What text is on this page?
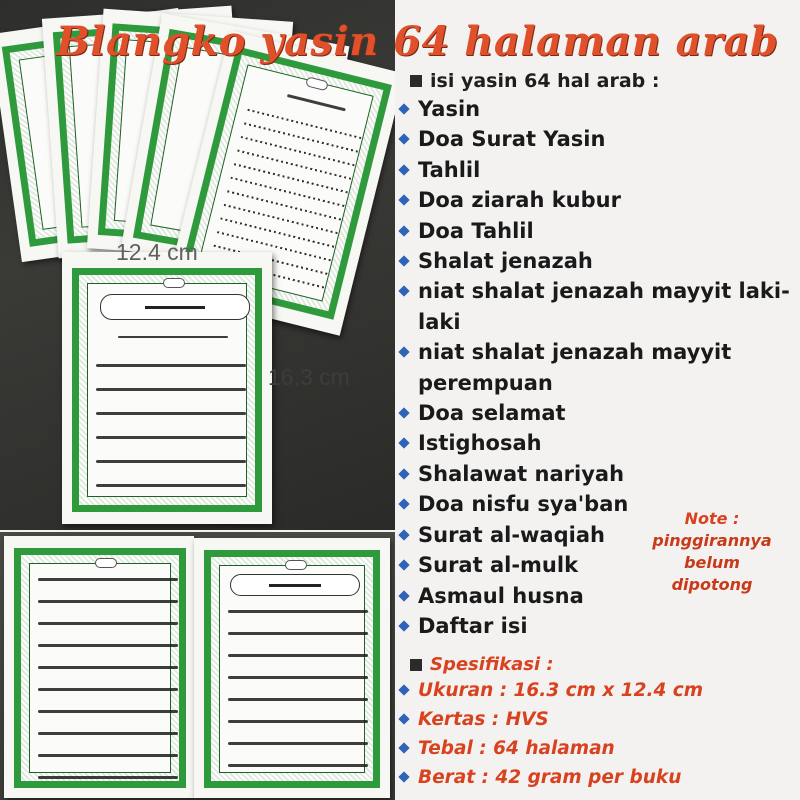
12.4 cm
16.3 cm
Blangko yasin 64 halaman arab
isi yasin 64 hal arab :
Yasin
Doa Surat Yasin
Tahlil
Doa ziarah kubur
Doa Tahlil
Shalat jenazah
niat shalat jenazah mayyit laki-laki
niat shalat jenazah mayyit perempuan
Doa selamat
Istighosah
Shalawat nariyah
Doa nisfu sya'ban
Surat al-waqiah
Surat al-mulk
Asmaul husna
Daftar isi
Note :
pinggirannya
belum
dipotong
Spesifikasi :
Ukuran : 16.3 cm x 12.4 cm
Kertas : HVS
Tebal : 64 halaman
Berat : 42 gram per buku
